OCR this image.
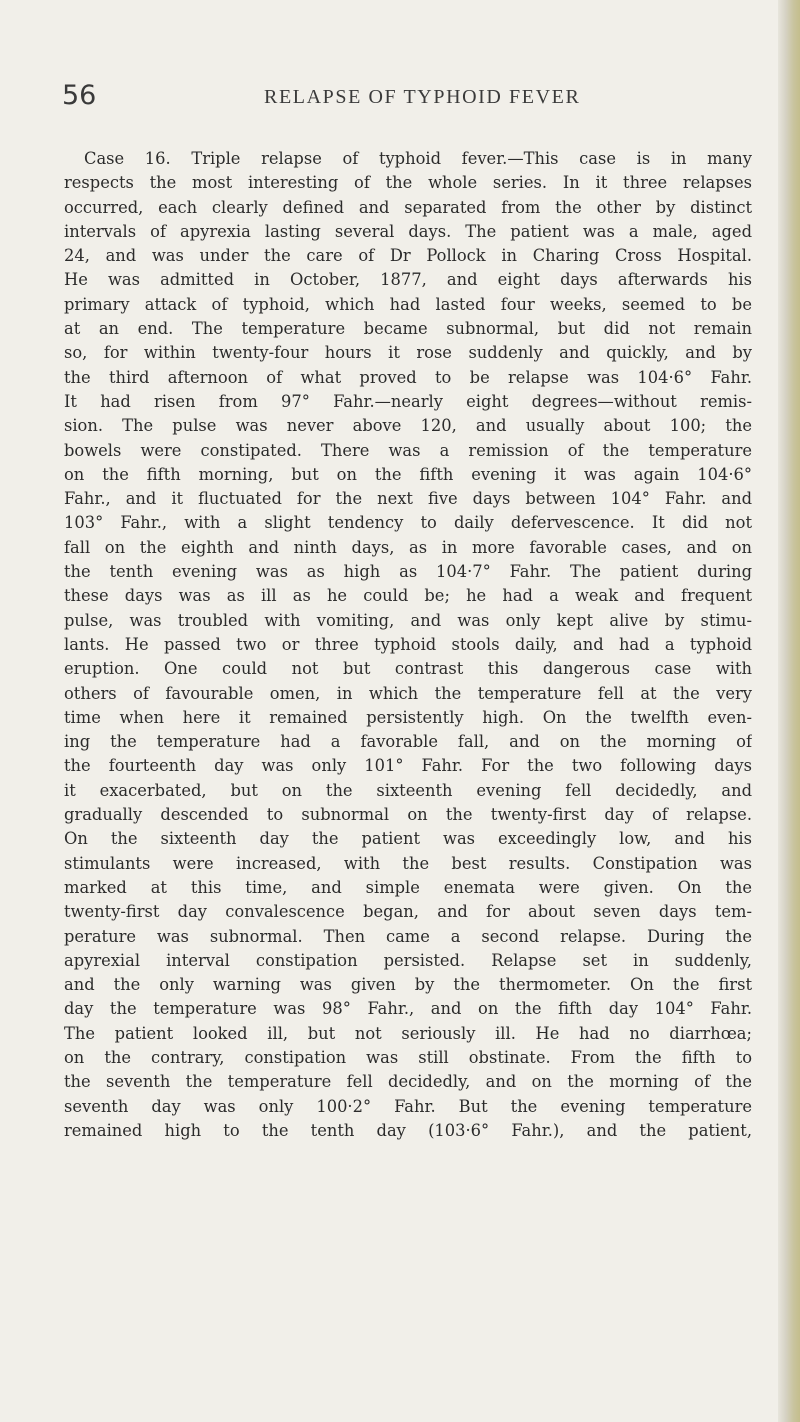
56	RELAPSE OF TYPHOID FEVER
Case 16. Triple relapse of typhoid fever.—This case is in many
respects the most interesting of the whole series. In it three relapses
occurred, each clearly defined and separated from the other by distinct
intervals of apyrexia lasting several days. The patient was a male, aged
24, and was under the care of Dr Pollock in Charing Cross Hospital.
He was admitted in October, 1877, and eight days afterwards his
primary attack of typhoid, which had lasted four weeks, seemed to be
at an end. The temperature became subnormal, but did not remain
so, for within twenty-four hours it rose suddenly and quickly, and by
the third afternoon of what proved to be relapse was 104·6° Fahr.
It had risen from 97° Fahr.—nearly eight degrees—without remis-
sion. The pulse was never above 120, and usually about 100; the
bowels were constipated. There was a remission of the temperature
on the fifth morning, but on the fifth evening it was again 104·6°
Fahr., and it fluctuated for the next five days between 104° Fahr. and
103° Fahr., with a slight tendency to daily defervescence. It did not
fall on the eighth and ninth days, as in more favorable cases, and on
the tenth evening was as high as 104·7° Fahr. The patient during
these days was as ill as he could be; he had a weak and frequent
pulse, was troubled with vomiting, and was only kept alive by stimu-
lants. He passed two or three typhoid stools daily, and had a typhoid
eruption. One could not but contrast this dangerous case with
others of favourable omen, in which the temperature fell at the very
time when here it remained persistently high. On the twelfth even-
ing the temperature had a favorable fall, and on the morning of
the fourteenth day was only 101° Fahr. For the two following days
it exacerbated, but on the sixteenth evening fell decidedly, and
gradually descended to subnormal on the twenty-first day of relapse.
On the sixteenth day the patient was exceedingly low, and his
stimulants were increased, with the best results. Constipation was
marked at this time, and simple enemata were given. On the
twenty-first day convalescence began, and for about seven days tem-
perature was subnormal. Then came a second relapse. During the
apyrexial interval constipation persisted. Relapse set in suddenly,
and the only warning was given by the thermometer. On the first
day the temperature was 98° Fahr., and on the fifth day 104° Fahr.
The patient looked ill, but not seriously ill. He had no diarrhœa;
on the contrary, constipation was still obstinate. From the fifth to
the seventh the temperature fell decidedly, and on the morning of the
seventh day was only 100·2° Fahr. But the evening temperature
remained high to the tenth day (103·6° Fahr.), and the patient,
